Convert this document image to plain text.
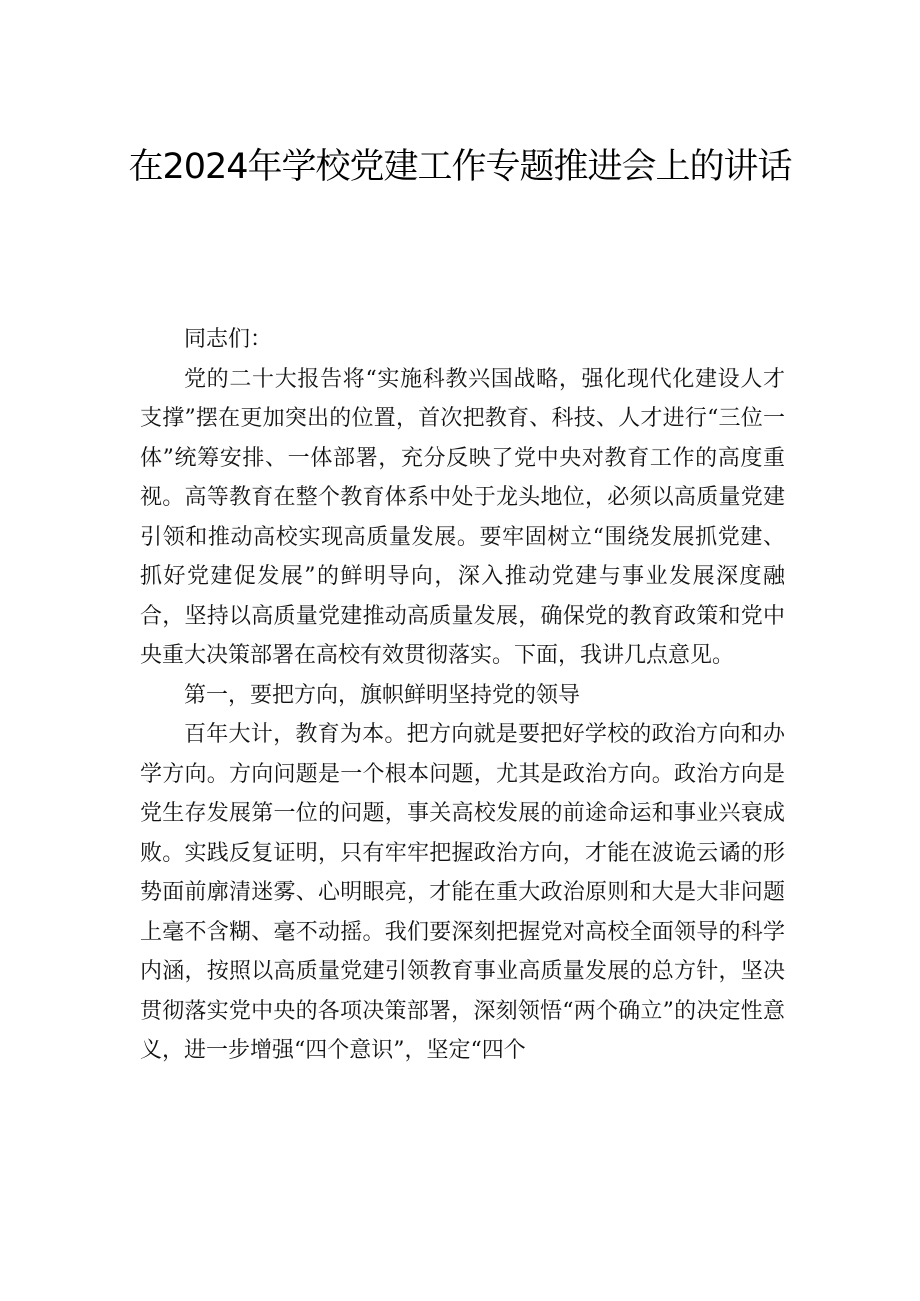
在2024年学校党建工作专题推进会上的讲话

同志们：

党的二十大报告将“实施科教兴国战略，强化现代化建设人才支撑”摆在更加突出的位置，首次把教育、科技、人才进行“三位一体”统筹安排、一体部署，充分反映了党中央对教育工作的高度重视。高等教育在整个教育体系中处于龙头地位，必须以高质量党建引领和推动高校实现高质量发展。要牢固树立“围绕发展抓党建、抓好党建促发展”的鲜明导向，深入推动党建与事业发展深度融合，坚持以高质量党建推动高质量发展，确保党的教育政策和党中央重大决策部署在高校有效贯彻落实。下面，我讲几点意见。

第一，要把方向，旗帜鲜明坚持党的领导

百年大计，教育为本。把方向就是要把好学校的政治方向和办学方向。方向问题是一个根本问题，尤其是政治方向。政治方向是党生存发展第一位的问题，事关高校发展的前途命运和事业兴衰成败。实践反复证明，只有牢牢把握政治方向，才能在波诡云谲的形势面前廓清迷雾、心明眼亮，才能在重大政治原则和大是大非问题上毫不含糊、毫不动摇。我们要深刻把握党对高校全面领导的科学内涵，按照以高质量党建引领教育事业高质量发展的总方针，坚决贯彻落实党中央的各项决策部署，深刻领悟“两个确立”的决定性意义，进一步增强“四个意识”，坚定“四个
